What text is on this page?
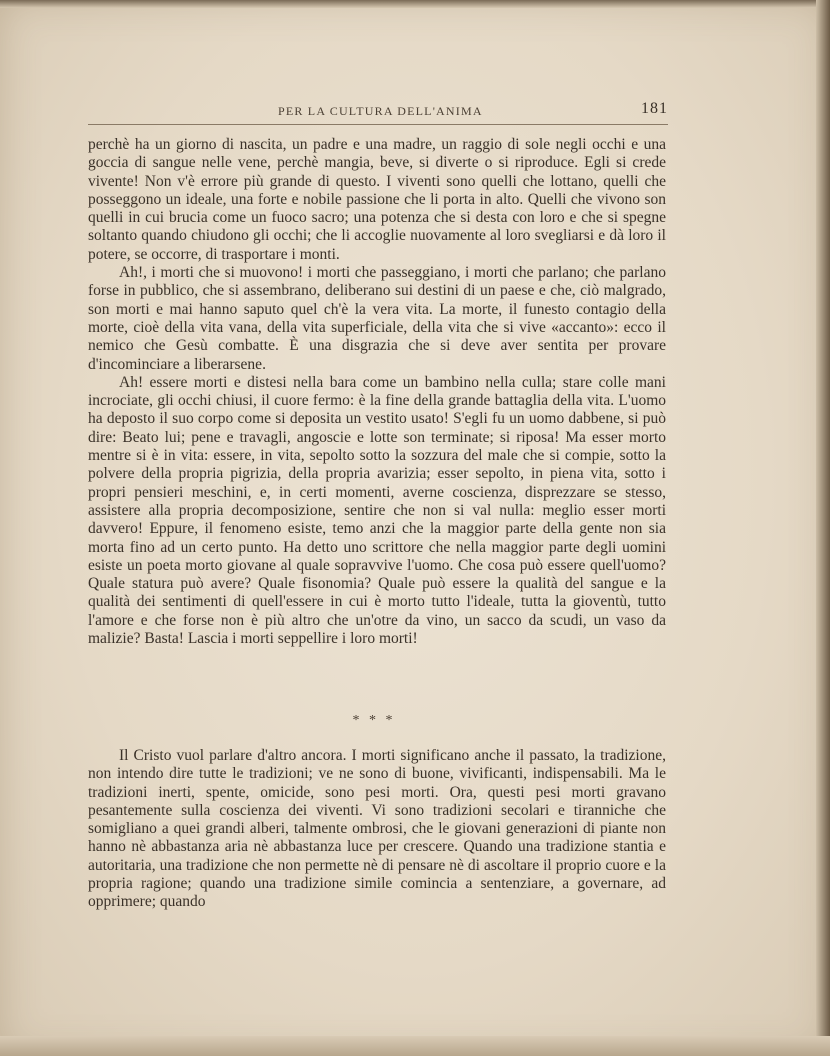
PER LA CULTURA DELL'ANIMA	181

perchè ha un giorno di nascita, un padre e una madre, un raggio di sole negli occhi e una goccia di sangue nelle vene, perchè mangia, beve, si diverte o si riproduce. Egli si crede vivente! Non v'è errore più grande di questo. I viventi sono quelli che lottano, quelli che posseggono un ideale, una forte e nobile passione che li porta in alto. Quelli che vivono son quelli in cui brucia come un fuoco sacro; una potenza che si desta con loro e che si spegne soltanto quando chiudono gli occhi; che li accoglie nuovamente al loro svegliarsi e dà loro il potere, se occorre, di trasportare i monti.

Ah!, i morti che si muovono! i morti che passeggiano, i morti che parlano; che parlano forse in pubblico, che si assembrano, deliberano sui destini di un paese e che, ciò malgrado, son morti e mai hanno saputo quel ch'è la vera vita. La morte, il funesto contagio della morte, cioè della vita vana, della vita superficiale, della vita che si vive «accanto»: ecco il nemico che Gesù combatte. È una disgrazia che si deve aver sentita per provare d'incominciare a liberarsene.

Ah! essere morti e distesi nella bara come un bambino nella culla; stare colle mani incrociate, gli occhi chiusi, il cuore fermo: è la fine della grande battaglia della vita. L'uomo ha deposto il suo corpo come si deposita un vestito usato! S'egli fu un uomo dabbene, si può dire: Beato lui; pene e travagli, angoscie e lotte son terminate; si riposa! Ma esser morto mentre si è in vita: essere, in vita, sepolto sotto la sozzura del male che si compie, sotto la polvere della propria pigrizia, della propria avarizia; esser sepolto, in piena vita, sotto i propri pensieri meschini, e, in certi momenti, averne coscienza, disprezzare se stesso, assistere alla propria decomposizione, sentire che non si val nulla: meglio esser morti davvero! Eppure, il fenomeno esiste, temo anzi che la maggior parte della gente non sia morta fino ad un certo punto. Ha detto uno scrittore che nella maggior parte degli uomini esiste un poeta morto giovane al quale sopravvive l'uomo. Che cosa può essere quell'uomo? Quale statura può avere? Quale fisonomia? Quale può essere la qualità del sangue e la qualità dei sentimenti di quell'essere in cui è morto tutto l'ideale, tutta la gioventù, tutto l'amore e che forse non è più altro che un'otre da vino, un sacco da scudi, un vaso da malizie? Basta! Lascia i morti seppellire i loro morti!

* * *

Il Cristo vuol parlare d'altro ancora. I morti significano anche il passato, la tradizione, non intendo dire tutte le tradizioni; ve ne sono di buone, vivificanti, indispensabili. Ma le tradizioni inerti, spente, omicide, sono pesi morti. Ora, questi pesi morti gravano pesantemente sulla coscienza dei viventi. Vi sono tradizioni secolari e tiranniche che somigliano a quei grandi alberi, talmente ombrosi, che le giovani generazioni di piante non hanno nè abbastanza aria nè abbastanza luce per crescere. Quando una tradizione stantia e autoritaria, una tradizione che non permette nè di pensare nè di ascoltare il proprio cuore e la propria ragione; quando una tradizione simile comincia a sentenziare, a governare, ad opprimere; quando
